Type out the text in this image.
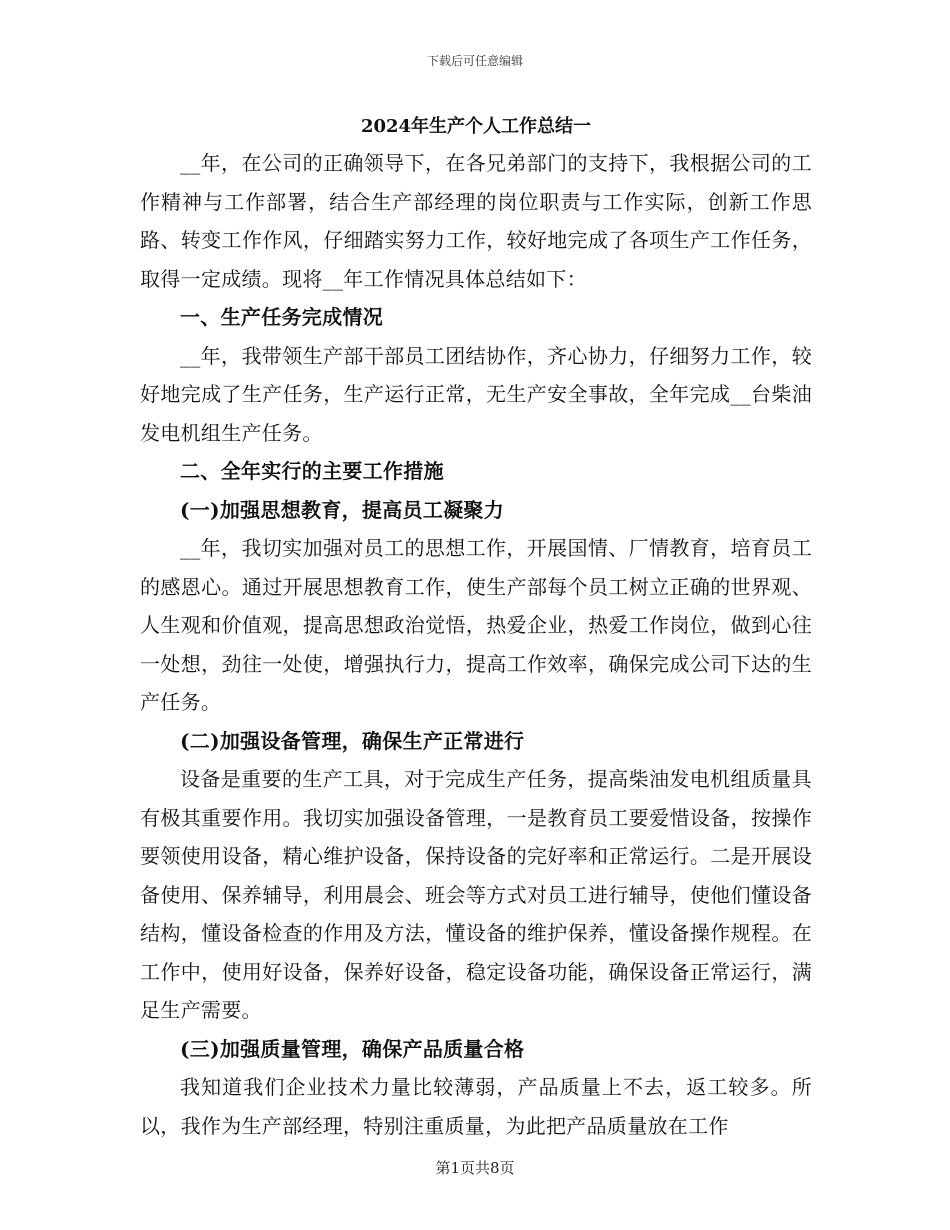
下载后可任意编辑

2024年生产个人工作总结一

__年，在公司的正确领导下，在各兄弟部门的支持下，我根据公司的工作精神与工作部署，结合生产部经理的岗位职责与工作实际，创新工作思路、转变工作作风，仔细踏实努力工作，较好地完成了各项生产工作任务，取得一定成绩。现将__年工作情况具体总结如下：

一、生产任务完成情况

__年，我带领生产部干部员工团结协作，齐心协力，仔细努力工作，较好地完成了生产任务，生产运行正常，无生产安全事故，全年完成__台柴油发电机组生产任务。

二、全年实行的主要工作措施

(一)加强思想教育，提高员工凝聚力

__年，我切实加强对员工的思想工作，开展国情、厂情教育，培育员工的感恩心。通过开展思想教育工作，使生产部每个员工树立正确的世界观、人生观和价值观，提高思想政治觉悟，热爱企业，热爱工作岗位，做到心往一处想，劲往一处使，增强执行力，提高工作效率，确保完成公司下达的生产任务。

(二)加强设备管理，确保生产正常进行

设备是重要的生产工具，对于完成生产任务，提高柴油发电机组质量具有极其重要作用。我切实加强设备管理，一是教育员工要爱惜设备，按操作要领使用设备，精心维护设备，保持设备的完好率和正常运行。二是开展设备使用、保养辅导，利用晨会、班会等方式对员工进行辅导，使他们懂设备结构，懂设备检查的作用及方法，懂设备的维护保养，懂设备操作规程。在工作中，使用好设备，保养好设备，稳定设备功能，确保设备正常运行，满足生产需要。

(三)加强质量管理，确保产品质量合格

我知道我们企业技术力量比较薄弱，产品质量上不去，返工较多。所以，我作为生产部经理，特别注重质量，为此把产品质量放在工作

第1页共8页
